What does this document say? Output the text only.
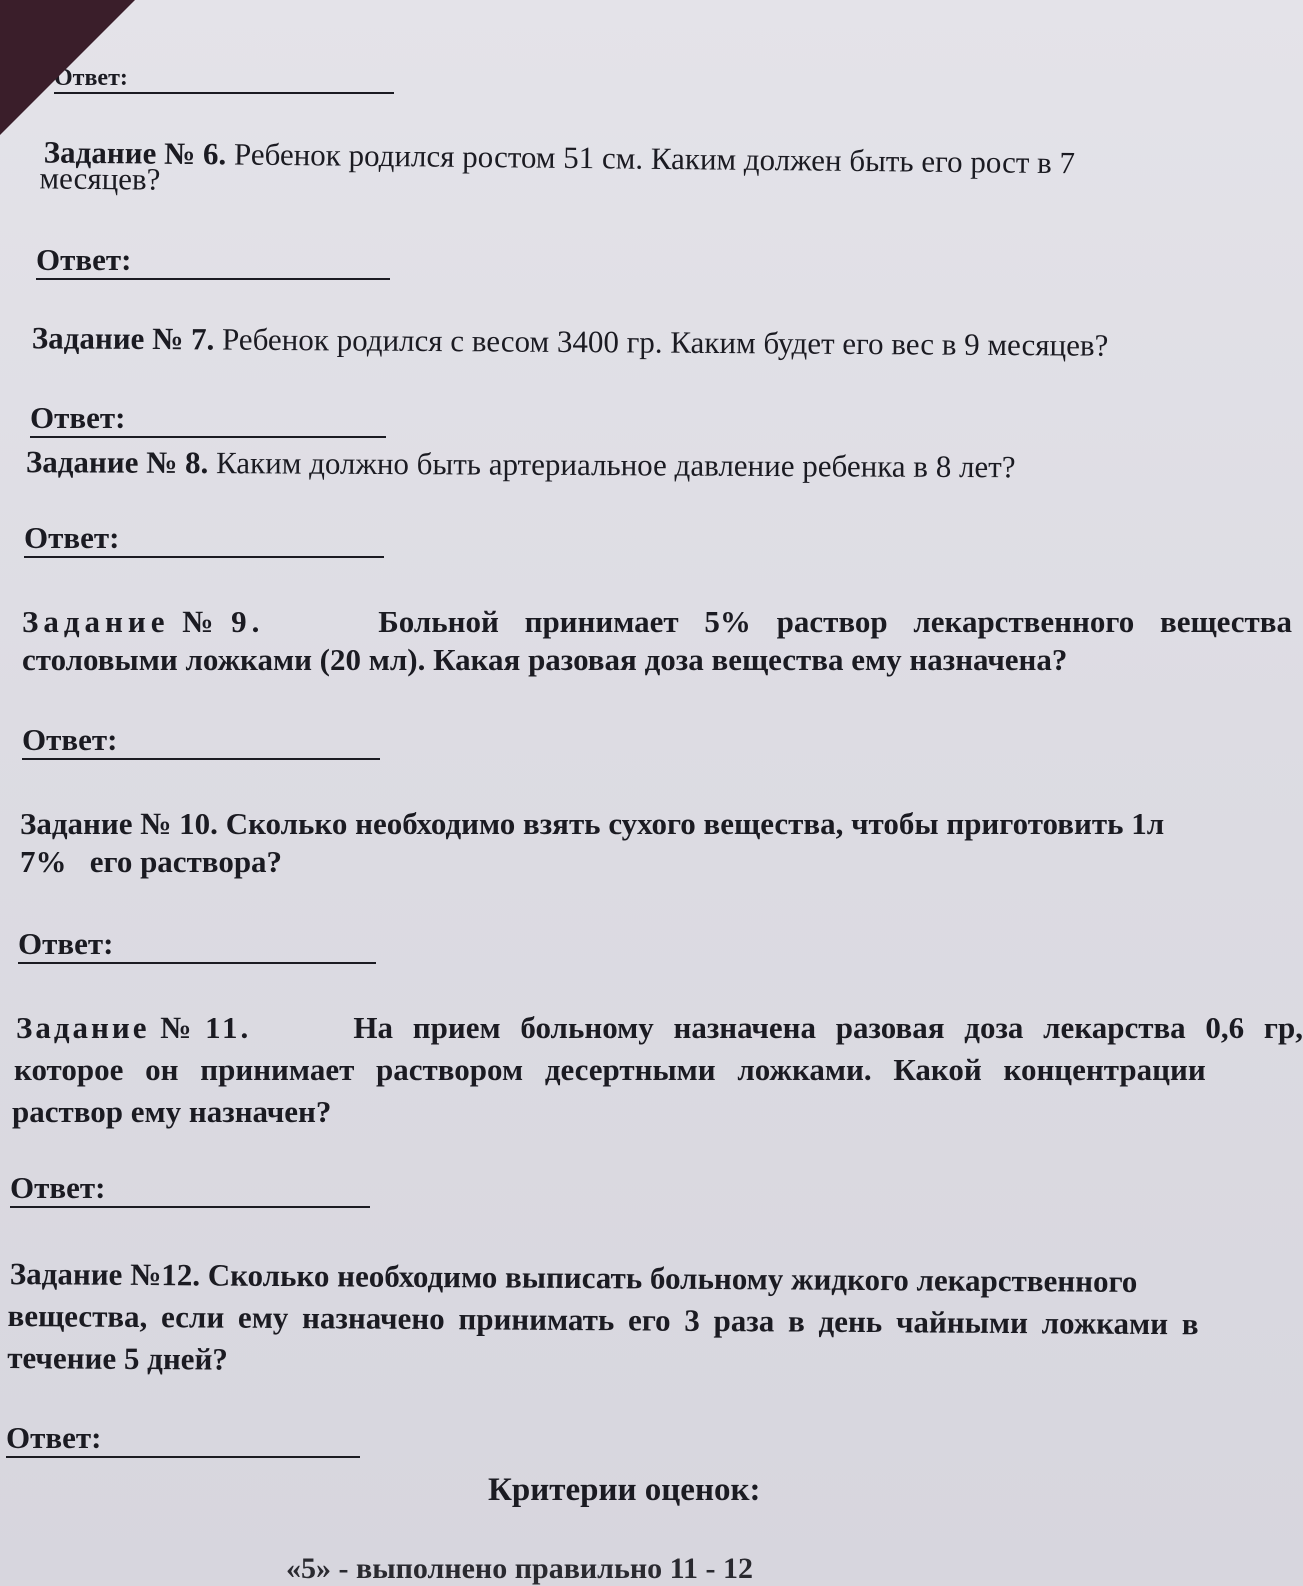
Ответ:
Задание № 6. Ребенок родился ростом 51 см. Каким должен быть его рост в 7
месяцев?
Ответ:
Задание № 7. Ребенок родился с весом 3400 гр. Каким будет его вес в 9 месяцев?
Ответ:
Задание № 8. Каким должно быть артериальное давление ребенка в 8 лет?
Ответ:
Задание № 9.	Больной принимает 5% раствор лекарственного вещества
столовыми ложками (20 мл). Какая разовая доза вещества ему назначена?
Ответ:
Задание № 10. Сколько необходимо взять сухого вещества, чтобы приготовить 1л
7%   его раствора?
Ответ:
Задание № 11.	На прием больному назначена разовая доза лекарства 0,6 гр,
которое он принимает раствором десертными ложками. Какой концентрации
раствор ему назначен?
Ответ:
Задание №12. Сколько необходимо выписать больному жидкого лекарственного
вещества, если ему назначено принимать его 3 раза в день чайными ложками в
течение 5 дней?
Ответ:
Критерии оценок:
«5» - выполнено правильно 11 - 12
